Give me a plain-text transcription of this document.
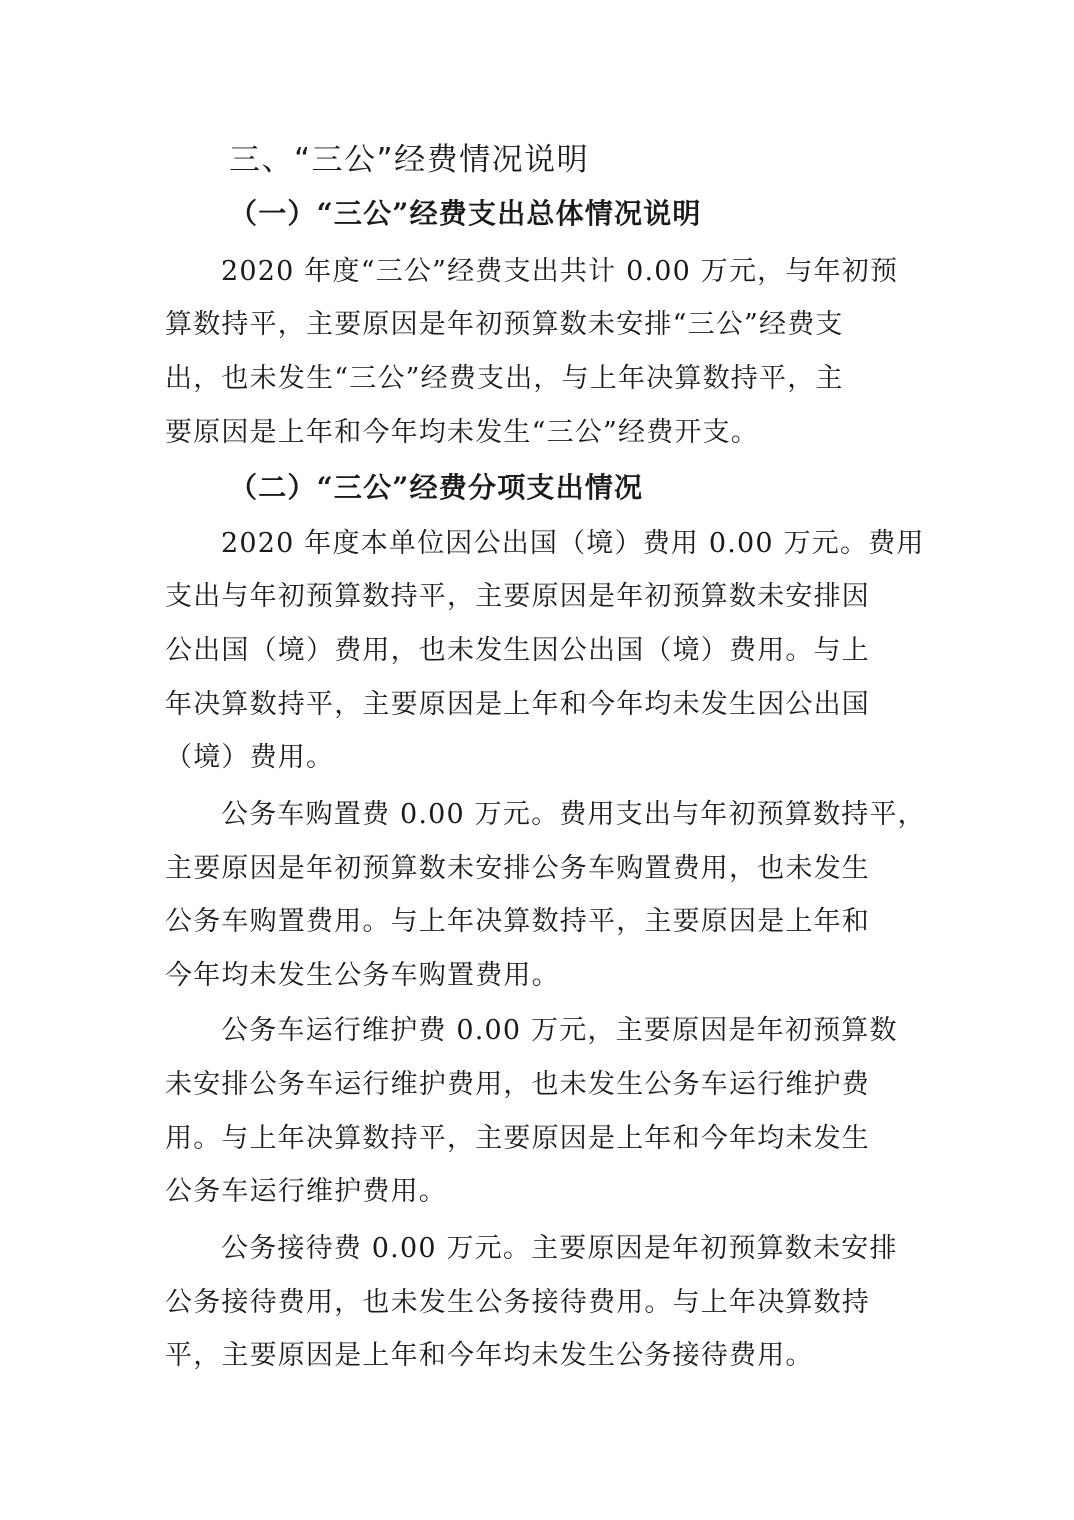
三、“三公”经费情况说明
（一）“三公”经费支出总体情况说明
2020 年度“三公”经费支出共计 0.00 万元，与年初预
算数持平，主要原因是年初预算数未安排“三公”经费支
出，也未发生“三公”经费支出，与上年决算数持平，主
要原因是上年和今年均未发生“三公”经费开支。
（二）“三公”经费分项支出情况
2020 年度本单位因公出国（境）费用 0.00 万元。费用
支出与年初预算数持平，主要原因是年初预算数未安排因
公出国（境）费用，也未发生因公出国（境）费用。与上
年决算数持平，主要原因是上年和今年均未发生因公出国
（境）费用。
公务车购置费 0.00 万元。费用支出与年初预算数持平，
主要原因是年初预算数未安排公务车购置费用，也未发生
公务车购置费用。与上年决算数持平，主要原因是上年和
今年均未发生公务车购置费用。
公务车运行维护费 0.00 万元，主要原因是年初预算数
未安排公务车运行维护费用，也未发生公务车运行维护费
用。与上年决算数持平，主要原因是上年和今年均未发生
公务车运行维护费用。
公务接待费 0.00 万元。主要原因是年初预算数未安排
公务接待费用，也未发生公务接待费用。与上年决算数持
平，主要原因是上年和今年均未发生公务接待费用。
